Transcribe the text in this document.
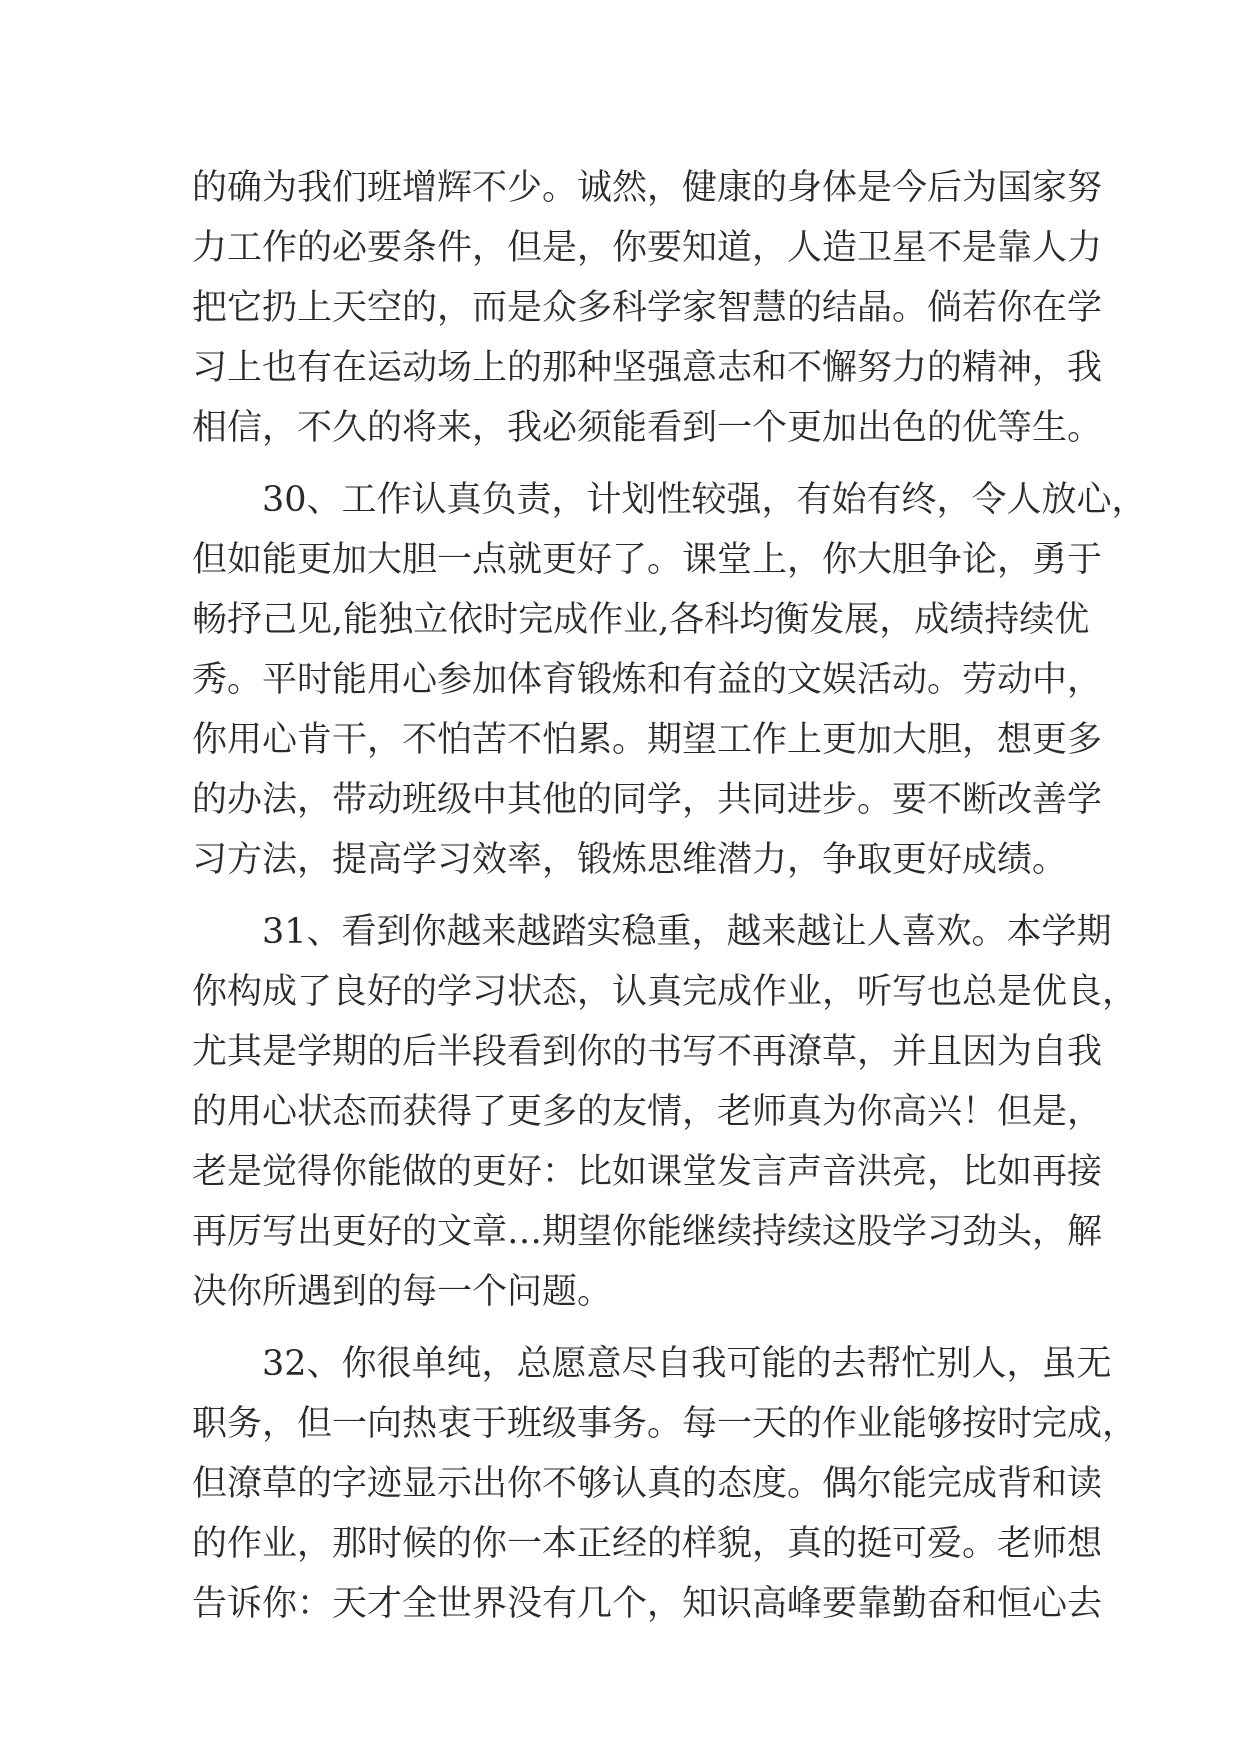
的确为我们班增辉不少。诚然，健康的身体是今后为国家努
力工作的必要条件，但是，你要知道，人造卫星不是靠人力
把它扔上天空的，而是众多科学家智慧的结晶。倘若你在学
习上也有在运动场上的那种坚强意志和不懈努力的精神，我
相信，不久的将来，我必须能看到一个更加出色的优等生。
　　30、工作认真负责，计划性较强，有始有终，令人放心，
但如能更加大胆一点就更好了。课堂上，你大胆争论，勇于
畅抒己见,能独立依时完成作业,各科均衡发展，成绩持续优
秀。平时能用心参加体育锻炼和有益的文娱活动。劳动中，
你用心肯干，不怕苦不怕累。期望工作上更加大胆，想更多
的办法，带动班级中其他的同学，共同进步。要不断改善学
习方法，提高学习效率，锻炼思维潜力，争取更好成绩。
　　31、看到你越来越踏实稳重，越来越让人喜欢。本学期
你构成了良好的学习状态，认真完成作业，听写也总是优良，
尤其是学期的后半段看到你的书写不再潦草，并且因为自我
的用心状态而获得了更多的友情，老师真为你高兴！但是，
老是觉得你能做的更好：比如课堂发言声音洪亮，比如再接
再厉写出更好的文章…期望你能继续持续这股学习劲头，解
决你所遇到的每一个问题。
　　32、你很单纯，总愿意尽自我可能的去帮忙别人，虽无
职务，但一向热衷于班级事务。每一天的作业能够按时完成，
但潦草的字迹显示出你不够认真的态度。偶尔能完成背和读
的作业，那时候的你一本正经的样貌，真的挺可爱。老师想
告诉你：天才全世界没有几个，知识高峰要靠勤奋和恒心去
